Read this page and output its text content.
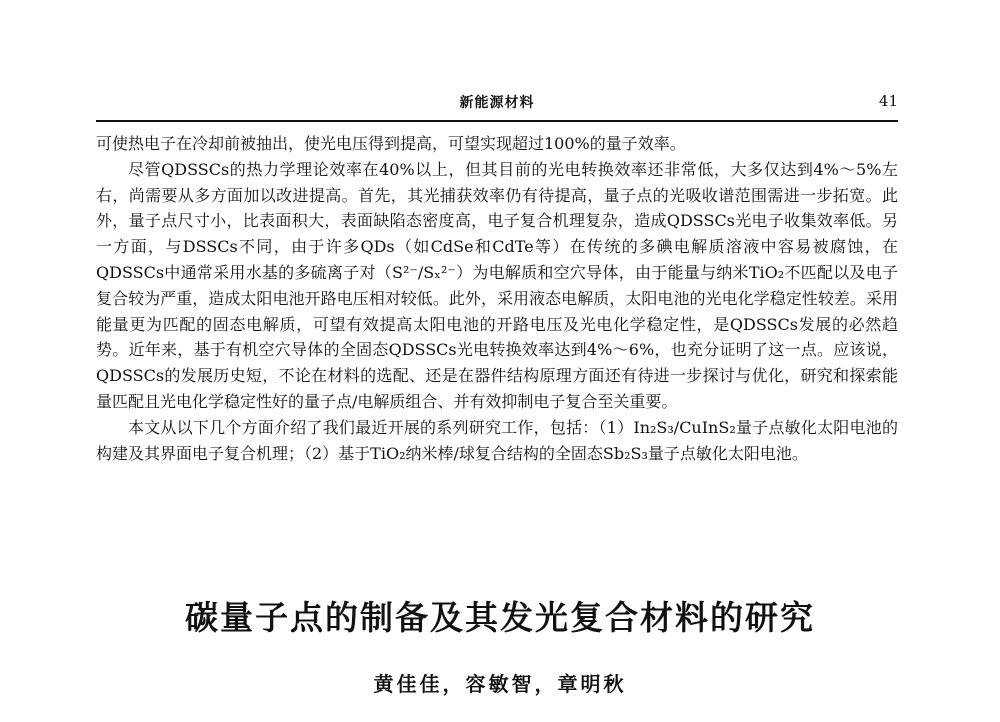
新能源材料	41

可使热电子在冷却前被抽出，使光电压得到提高，可望实现超过100%的量子效率。

尽管QDSSCs的热力学理论效率在40%以上，但其目前的光电转换效率还非常低，大多仅达到4%～5%左右，尚需要从多方面加以改进提高。首先，其光捕获效率仍有待提高，量子点的光吸收谱范围需进一步拓宽。此外，量子点尺寸小，比表面积大，表面缺陷态密度高，电子复合机理复杂，造成QDSSCs光电子收集效率低。另一方面，与DSSCs不同，由于许多QDs（如CdSe和CdTe等）在传统的多碘电解质溶液中容易被腐蚀，在QDSSCs中通常采用水基的多硫离子对（S²⁻/Sₓ²⁻）为电解质和空穴导体，由于能量与纳米TiO₂不匹配以及电子复合较为严重，造成太阳电池开路电压相对较低。此外，采用液态电解质，太阳电池的光电化学稳定性较差。采用能量更为匹配的固态电解质，可望有效提高太阳电池的开路电压及光电化学稳定性，是QDSSCs发展的必然趋势。近年来，基于有机空穴导体的全固态QDSSCs光电转换效率达到4%～6%，也充分证明了这一点。应该说，QDSSCs的发展历史短，不论在材料的选配、还是在器件结构原理方面还有待进一步探讨与优化，研究和探索能量匹配且光电化学稳定性好的量子点/电解质组合、并有效抑制电子复合至关重要。

本文从以下几个方面介绍了我们最近开展的系列研究工作，包括：（1）In₂S₃/CuInS₂量子点敏化太阳电池的构建及其界面电子复合机理；（2）基于TiO₂纳米棒/球复合结构的全固态Sb₂S₃量子点敏化太阳电池。

碳量子点的制备及其发光复合材料的研究
黄佳佳，容敏智，章明秋
